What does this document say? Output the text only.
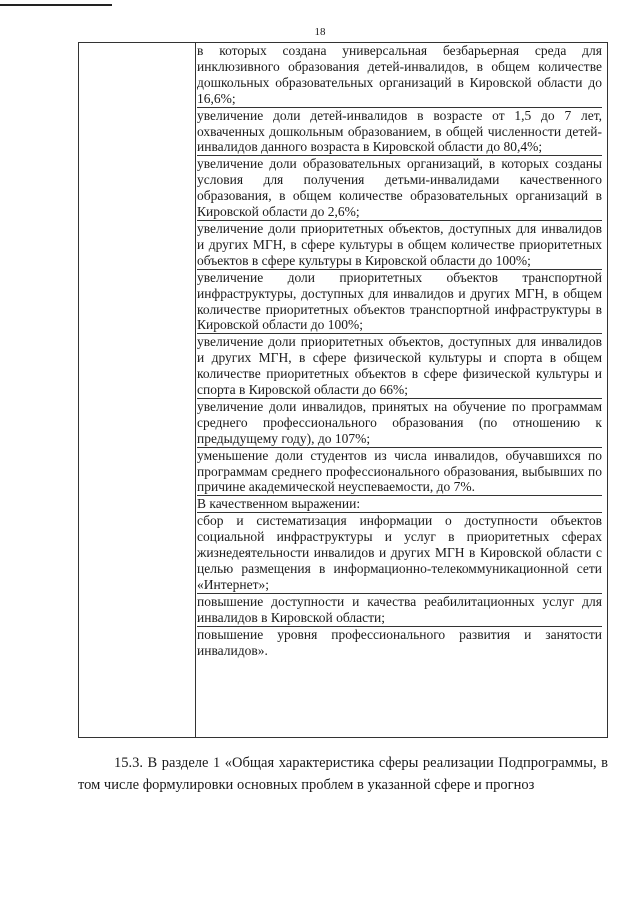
18
в которых создана универсальная безбарьерная среда для инклюзивного образования детей-инвалидов, в общем количестве дошкольных образовательных организаций в Кировской области до 16,6%;
увеличение доли детей-инвалидов в возрасте от 1,5 до 7 лет, охваченных дошкольным образованием, в общей численности детей-инвалидов данного возраста в Кировской области до 80,4%;
увеличение доли образовательных организаций, в которых созданы условия для получения детьми-инвалидами качественного образования, в общем количестве образовательных организаций в Кировской области до 2,6%;
увеличение доли приоритетных объектов, доступных для инвалидов и других МГН, в сфере культуры в общем количестве приоритетных объектов в сфере культуры в Кировской области до 100%;
увеличение доли приоритетных объектов транспортной инфраструктуры, доступных для инвалидов и других МГН, в общем количестве приоритетных объектов транспортной инфраструктуры в Кировской области до 100%;
увеличение доли приоритетных объектов, доступных для инвалидов и других МГН, в сфере физической культуры и спорта в общем количестве приоритетных объектов в сфере физической культуры и спорта в Кировской области до 66%;
увеличение доли инвалидов, принятых на обучение по программам среднего профессионального образования (по отношению к предыдущему году), до 107%;
уменьшение доли студентов из числа инвалидов, обучавшихся по программам среднего профессионального образования, выбывших по причине академической неуспеваемости, до 7%.
В качественном выражении:
сбор и систематизация информации о доступности объектов социальной инфраструктуры и услуг в приоритетных сферах жизнедеятельности инвалидов и других МГН в Кировской области с целью размещения в информационно-телекоммуникационной сети «Интернет»;
повышение доступности и качества реабилитационных услуг для инвалидов в Кировской области;
повышение уровня профессионального развития и занятости инвалидов».
15.3. В разделе 1 «Общая характеристика сферы реализации Подпрограммы, в том числе формулировки основных проблем в указанной сфере и прогноз
